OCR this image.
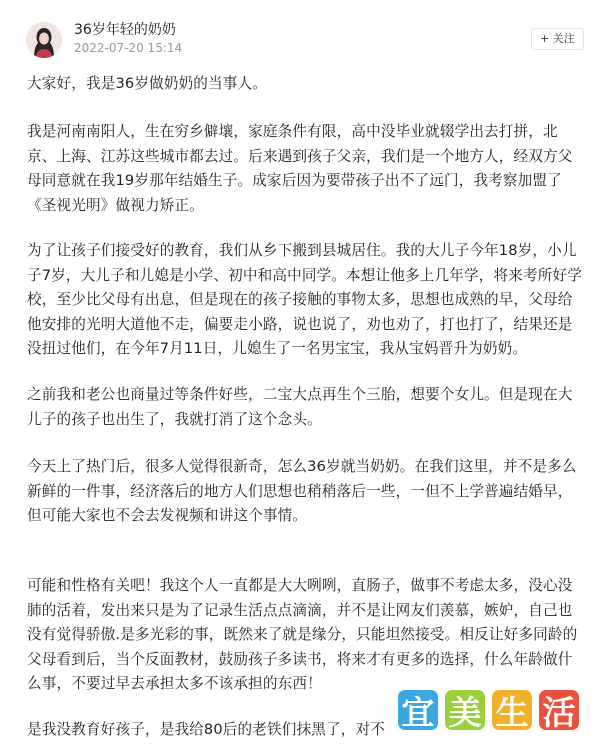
36岁年轻的奶奶
2022-07-20 15:14
+ 关注

大家好，我是36岁做奶奶的当事人。

我是河南南阳人，生在穷乡僻壤，家庭条件有限，高中没毕业就辍学出去打拼，北京、上海、江苏这些城市都去过。后来遇到孩子父亲，我们是一个地方人，经双方父母同意就在我19岁那年结婚生子。成家后因为要带孩子出不了远门，我考察加盟了《圣视光明》做视力矫正。

为了让孩子们接受好的教育，我们从乡下搬到县城居住。我的大儿子今年18岁，小儿子7岁，大儿子和儿媳是小学、初中和高中同学。本想让他多上几年学，将来考所好学校，至少比父母有出息，但是现在的孩子接触的事物太多，思想也成熟的早，父母给他安排的光明大道他不走，偏要走小路，说也说了，劝也劝了，打也打了，结果还是没扭过他们，在今年7月11日，儿媳生了一名男宝宝，我从宝妈晋升为奶奶。

之前我和老公也商量过等条件好些，二宝大点再生个三胎，想要个女儿。但是现在大儿子的孩子也出生了，我就打消了这个念头。

今天上了热门后，很多人觉得很新奇，怎么36岁就当奶奶。在我们这里，并不是多么新鲜的一件事，经济落后的地方人们思想也稍稍落后一些，一但不上学普遍结婚早，但可能大家也不会去发视频和讲这个事情。

可能和性格有关吧！我这个人一直都是大大咧咧，直肠子，做事不考虑太多，没心没肺的活着，发出来只是为了记录生活点点滴滴，并不是让网友们羡慕，嫉妒，自己也没有觉得骄傲.是多光彩的事，既然来了就是缘分，只能坦然接受。相反让好多同龄的父母看到后，当个反面教材，鼓励孩子多读书，将来才有更多的选择，什么年龄做什么事，不要过早去承担太多不该承担的东西！

是我没教育好孩子，是我给80后的老铁们抹黑了，对不 宜 美 生 活
